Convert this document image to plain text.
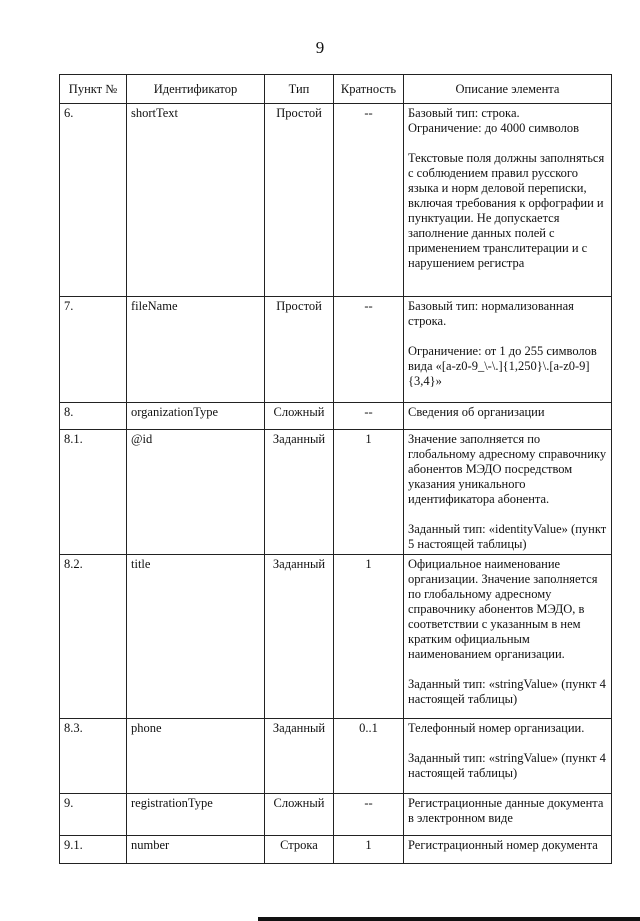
9
Пункт №	Идентификатор	Тип	Кратность	Описание элемента
6.	shortText	Простой	--	Базовый тип: строка.
Ограничение: до 4000 символов
Текстовые поля должны заполняться с соблюдением правил русского языка и норм деловой переписки, включая требования к орфографии и пунктуации. Не допускается заполнение данных полей с применением транслитерации и с нарушением регистра

7.	fileName	Простой	--	Базовый тип: нормализованная строка.
Ограничение: от 1 до 255 символов вида «[a-z0-9_\-\.]{1,250}\.[a-z0-9]{3,4}»

8.	organizationType	Сложный	--	Сведения об организации

8.1.	@id	Заданный	1	Значение заполняется по глобальному адресному справочнику абонентов МЭДО посредством указания уникального идентификатора абонента.
Заданный тип: «identityValue» (пункт 5 настоящей таблицы)

8.2.	title	Заданный	1	Официальное наименование организации. Значение заполняется по глобальному адресному справочнику абонентов МЭДО, в соответствии с указанным в нем кратким официальным наименованием организации.
Заданный тип: «stringValue» (пункт 4 настоящей таблицы)

8.3.	phone	Заданный	0..1	Телефонный номер организации.
Заданный тип: «stringValue» (пункт 4 настоящей таблицы)

9.	registrationType	Сложный	--	Регистрационные данные документа в электронном виде

9.1.	number	Строка	1	Регистрационный номер документа
